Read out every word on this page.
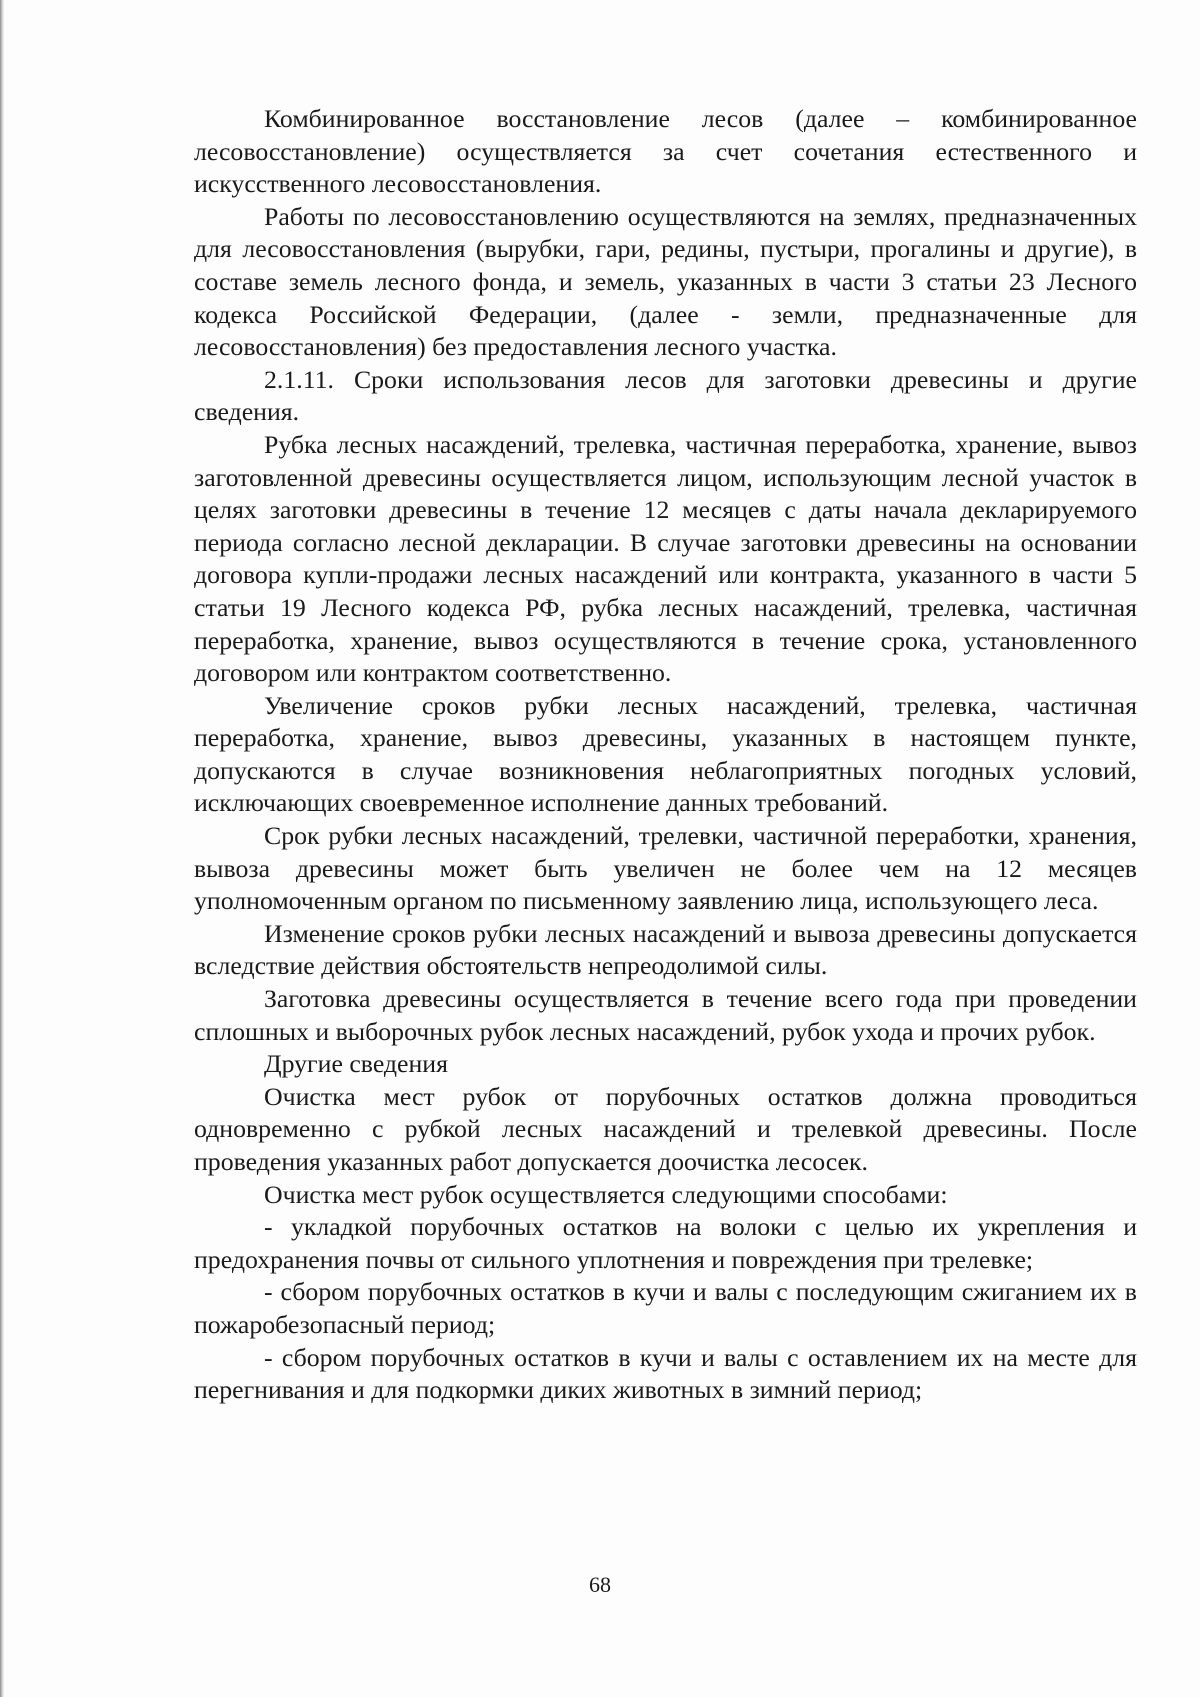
Комбинированное восстановление лесов (далее – комбинированное лесовосстановление) осуществляется за счет сочетания естественного и искусственного лесовосстановления.

Работы по лесовосстановлению осуществляются на землях, предназначенных для лесовосстановления (вырубки, гари, редины, пустыри, прогалины и другие), в составе земель лесного фонда, и земель, указанных в части 3 статьи 23 Лесного кодекса Российской Федерации, (далее - земли, предназначенные для лесовосстановления) без предоставления лесного участка.

2.1.11. Сроки использования лесов для заготовки древесины и другие сведения.

Рубка лесных насаждений, трелевка, частичная переработка, хранение, вывоз заготовленной древесины осуществляется лицом, использующим лесной участок в целях заготовки древесины в течение 12 месяцев с даты начала декларируемого периода согласно лесной декларации. В случае заготовки древесины на основании договора купли-продажи лесных насаждений или контракта, указанного в части 5 статьи 19 Лесного кодекса РФ, рубка лесных насаждений, трелевка, частичная переработка, хранение, вывоз осуществляются в течение срока, установленного договором или контрактом соответственно.

Увеличение сроков рубки лесных насаждений, трелевка, частичная переработка, хранение, вывоз древесины, указанных в настоящем пункте, допускаются в случае возникновения неблагоприятных погодных условий, исключающих своевременное исполнение данных требований.

Срок рубки лесных насаждений, трелевки, частичной переработки, хранения, вывоза древесины может быть увеличен не более чем на 12 месяцев уполномоченным органом по письменному заявлению лица, использующего леса.

Изменение сроков рубки лесных насаждений и вывоза древесины допускается вследствие действия обстоятельств непреодолимой силы.

Заготовка древесины осуществляется в течение всего года при проведении сплошных и выборочных рубок лесных насаждений, рубок ухода и прочих рубок.

Другие сведения

Очистка мест рубок от порубочных остатков должна проводиться одновременно с рубкой лесных насаждений и трелевкой древесины. После проведения указанных работ допускается доочистка лесосек.

Очистка мест рубок осуществляется следующими способами:

- укладкой порубочных остатков на волоки с целью их укрепления и предохранения почвы от сильного уплотнения и повреждения при трелевке;

- сбором порубочных остатков в кучи и валы с последующим сжиганием их в пожаробезопасный период;

- сбором порубочных остатков в кучи и валы с оставлением их на месте для перегнивания и для подкормки диких животных в зимний период;

68
